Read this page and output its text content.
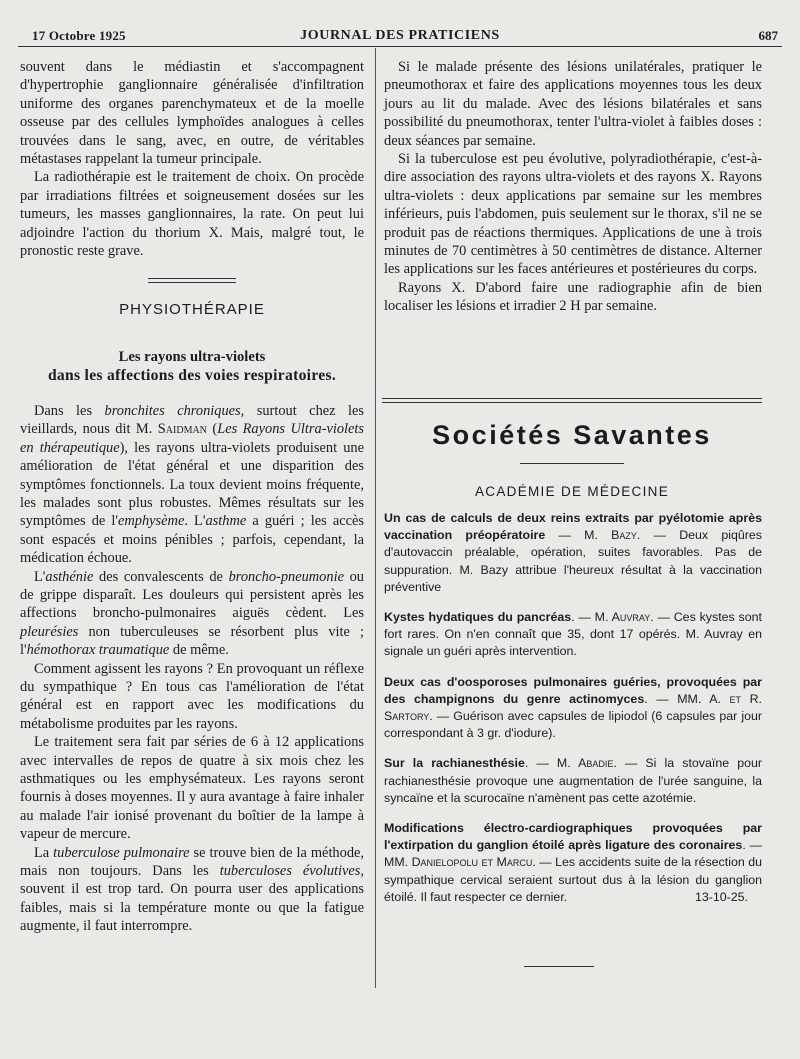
17 Octobre 1925	JOURNAL DES PRATICIENS	687

souvent dans le médiastin et s'accompagnent d'hypertrophie ganglionnaire généralisée d'infiltration uniforme des organes parenchymateux et de la moelle osseuse par des cellules lymphoïdes analogues à celles trouvées dans le sang, avec, en outre, de véritables métastases rappelant la tumeur principale.

La radiothérapie est le traitement de choix. On procède par irradiations filtrées et soigneusement dosées sur les tumeurs, les masses ganglionnaires, la rate. On peut lui adjoindre l'action du thorium X. Mais, malgré tout, le pronostic reste grave.

PHYSIOTHÉRAPIE
Les rayons ultra-violets
dans les affections des voies respiratoires.

Dans les bronchites chroniques, surtout chez les vieillards, nous dit M. Saidman (Les Rayons Ultra-violets en thérapeutique), les rayons ultra-violets produisent une amélioration de l'état général et une disparition des symptômes fonctionnels. La toux devient moins fréquente, les malades sont plus robustes. Mêmes résultats sur les symptômes de l'emphysème. L'asthme a guéri ; les accès sont espacés et moins pénibles ; parfois, cependant, la médication échoue.

L'asthénie des convalescents de broncho-pneumonie ou de grippe disparaît. Les douleurs qui persistent après les affections broncho-pulmonaires aiguës cèdent. Les pleurésies non tuberculeuses se résorbent plus vite ; l'hémothorax traumatique de même.

Comment agissent les rayons ? En provoquant un réflexe du sympathique ? En tous cas l'amélioration de l'état général est en rapport avec les modifications du métabolisme produites par les rayons.

Le traitement sera fait par séries de 6 à 12 applications avec intervalles de repos de quatre à six mois chez les asthmatiques ou les emphysémateux. Les rayons seront fournis à doses moyennes. Il y aura avantage à faire inhaler au malade l'air ionisé provenant du boîtier de la lampe à vapeur de mercure.

La tuberculose pulmonaire se trouve bien de la méthode, mais non toujours. Dans les tuberculoses évolutives, souvent il est trop tard. On pourra user des applications faibles, mais si la température monte ou que la fatigue augmente, il faut interrompre.

Si le malade présente des lésions unilatérales, pratiquer le pneumothorax et faire des applications moyennes tous les deux jours au lit du malade. Avec des lésions bilatérales et sans possibilité du pneumothorax, tenter l'ultra-violet à faibles doses : deux séances par semaine.

Si la tuberculose est peu évolutive, polyradiothérapie, c'est-à-dire association des rayons ultra-violets et des rayons X. Rayons ultra-violets : deux applications par semaine sur les membres inférieurs, puis l'abdomen, puis seulement sur le thorax, s'il ne se produit pas de réactions thermiques. Applications de une à trois minutes de 70 centimètres à 50 centimètres de distance. Alterner les applications sur les faces antérieures et postérieures du corps.

Rayons X. D'abord faire une radiographie afin de bien localiser les lésions et irradier 2 H par semaine.

Sociétés Savantes
ACADÉMIE DE MÉDECINE
Un cas de calculs de deux reins extraits par pyélotomie après vaccination préopératoire — M. Bazy. — Deux piqûres d'autovaccin préalable, opération, suites favorables. Pas de suppuration. M. Bazy attribue l'heureux résultat à la vaccination préventive
Kystes hydatiques du pancréas. — M. Auvray. — Ces kystes sont fort rares. On n'en connaît que 35, dont 17 opérés. M. Auvray en signale un guéri après intervention.
Deux cas d'oosporoses pulmonaires guéries, provoquées par des champignons du genre actinomyces. — MM. A. et R. Sartory. — Guérison avec capsules de lipiodol (6 capsules par jour correspondant à 3 gr. d'iodure).
Sur la rachianesthésie. — M. Abadie. — Si la stovaïne pour rachianesthésie provoque une augmentation de l'urée sanguine, la syncaïne et la scurocaïne n'amènent pas cette azotémie.
Modifications électro-cardiographiques provoquées par l'extirpation du ganglion étoilé après ligature des coronaires. — MM. Danielopolu et Marcu. — Les accidents suite de la résection du sympathique cervical seraient surtout dus à la lésion du ganglion étoilé. Il faut respecter ce dernier.	13-10-25.
